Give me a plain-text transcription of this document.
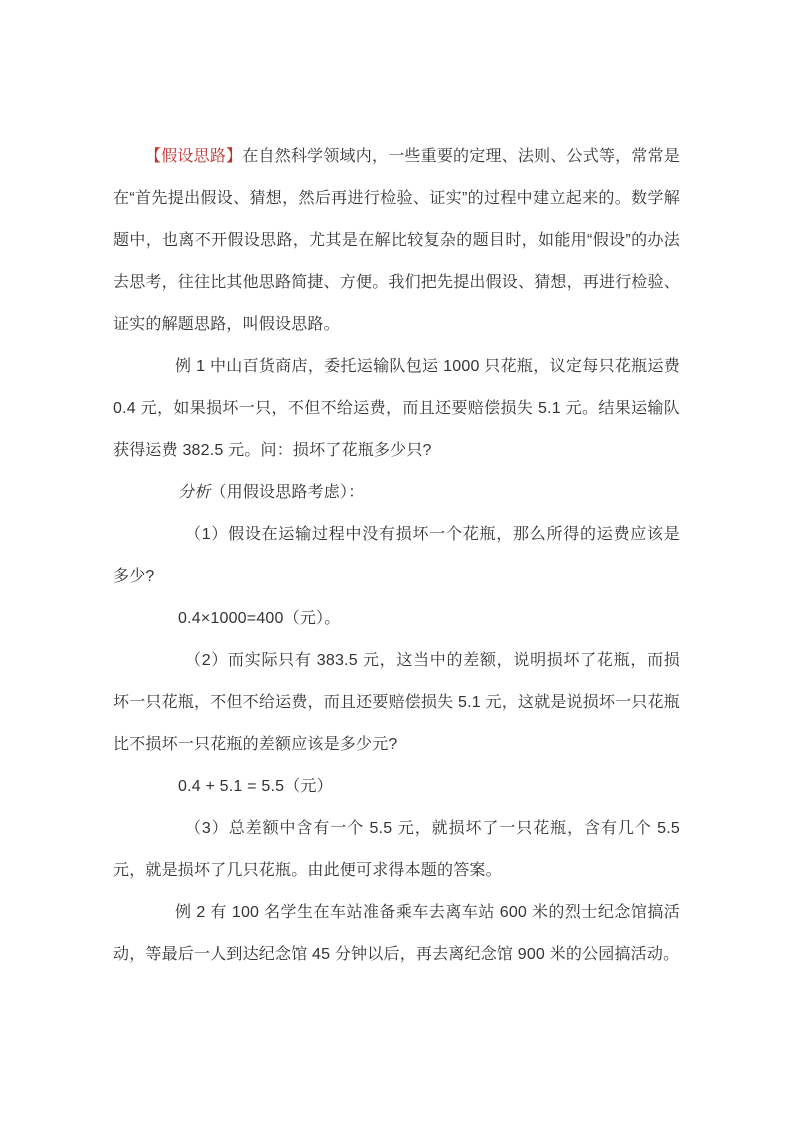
【假设思路】在自然科学领域内，一些重要的定理、法则、公式等，常常是在“首先提出假设、猜想，然后再进行检验、证实”的过程中建立起来的。数学解题中，也离不开假设思路，尤其是在解比较复杂的题目时，如能用“假设”的办法去思考，往往比其他思路简捷、方便。我们把先提出假设、猜想，再进行检验、证实的解题思路，叫假设思路。

例 1 中山百货商店，委托运输队包运 1000 只花瓶，议定每只花瓶运费 0.4 元，如果损坏一只，不但不给运费，而且还要赔偿损失 5.1 元。结果运输队获得运费 382.5 元。问：损坏了花瓶多少只?

分析（用假设思路考虑）：

（1）假设在运输过程中没有损坏一个花瓶，那么所得的运费应该是多少?

0.4×1000=400（元）。

（2）而实际只有 383.5 元，这当中的差额，说明损坏了花瓶，而损坏一只花瓶，不但不给运费，而且还要赔偿损失 5.1 元，这就是说损坏一只花瓶比不损坏一只花瓶的差额应该是多少元?

0.4 + 5.1 = 5.5（元）

（3）总差额中含有一个 5.5 元，就损坏了一只花瓶，含有几个 5.5 元，就是损坏了几只花瓶。由此便可求得本题的答案。

例 2 有 100 名学生在车站准备乘车去离车站 600 米的烈士纪念馆搞活动，等最后一人到达纪念馆 45 分钟以后，再去离纪念馆 900 米的公园搞活动。
